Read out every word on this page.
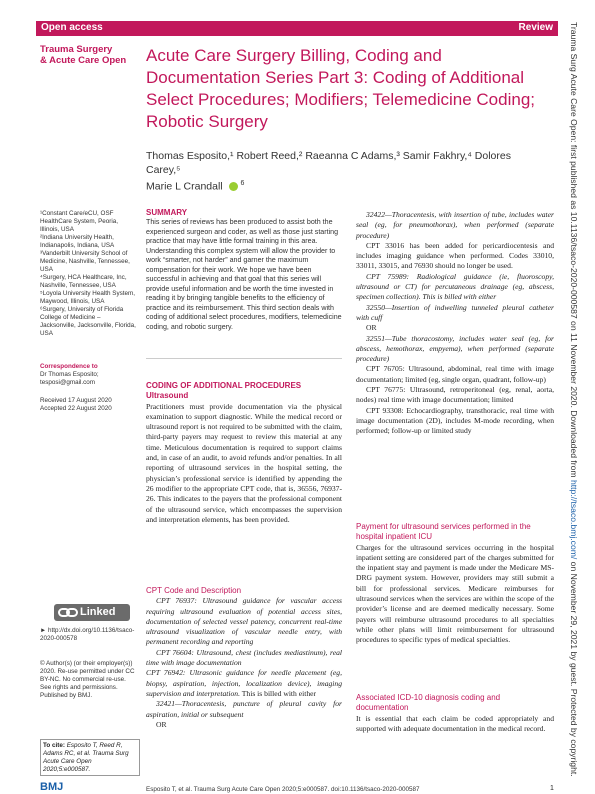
Open access	Review
Trauma Surgery
& Acute Care Open	Acute Care Surgery Billing, Coding and Documentation Series Part 3: Coding of Additional Select Procedures; Modifiers; Telemedicine Coding; Robotic Surgery
Thomas Esposito,¹ Robert Reed,² Raeanna C Adams,³ Samir Fakhry,⁴ Dolores Carey,⁵
Marie L Crandall	$^6$
¹Constant Care/eCU, OSF HealthCare System, Peoria, Illinois, USA
²Indiana University Health, Indianapolis, Indiana, USA
³Vanderbilt University School of Medicine, Nashville, Tennessee, USA
⁴Surgery, HCA Healthcare, Inc, Nashville, Tennessee, USA
⁵Loyola University Health System, Maywood, Illinois, USA
⁶Surgery, University of Florida College of Medicine – Jacksonville, Jacksonville, Florida, USA
Correspondence to
Dr Thomas Esposito; tesposi@gmail.com
Received 17 August 2020
Accepted 22 August 2020
Linked
► http://dx.doi.org/10.1136/tsaco-2020-000578
© Author(s) (or their employer(s)) 2020. Re-use permitted under CC BY-NC. No commercial re-use. See rights and permissions. Published by BMJ.
To cite: Esposito T, Reed R, Adams RC, et al. Trauma Surg Acute Care Open 2020;5:e000587.
BMJ
SUMMARY

This series of reviews has been produced to assist both the experienced surgeon and coder, as well as those just starting practice that may have little formal training in this area. Understanding this complex system will allow the provider to work “smarter, not harder” and garner the maximum compensation for their work. We hope we have been successful in achieving and that goal that this series will provide useful information and be worth the time invested in reading it by bringing tangible benefits to the efficiency of practice and its reimbursement. This third section deals with coding of additional select procedures, modifiers, telemedicine coding, and robotic surgery.

CODING OF ADDITIONAL PROCEDURES
Ultrasound

Practitioners must provide documentation via the physical examination to support diagnostic. While the medical record or ultrasound report is not required to be submitted with the claim, third-party payers may request to review this material at any time. Meticulous documentation is required to support claims and, in case of an audit, to avoid refunds and/or penalties. In all reporting of ultrasound services in the hospital setting, the physician’s professional service is identified by appending the 26 modifier to the appropriate CPT code, that is, 36556, 76937-26. This indicates to the payers that the professional component of the ultrasound service, which encompasses the supervision and interpretation elements, has been provided.

CPT Code and Description

CPT 76937: Ultrasound guidance for vascular access requiring ultrasound evaluation of potential access sites, documentation of selected vessel patency, concurrent real-time ultrasound visualization of vascular needle entry, with permanent recording and reporting

CPT 76604: Ultrasound, chest (includes mediastinum), real time with image documentation

CPT 76942: Ultrasonic guidance for needle placement (eg, biopsy, aspiration, injection, localization device), imaging supervision and interpretation. This is billed with either

32421—Thoracentesis, puncture of pleural cavity for aspiration, initial or subsequent

OR

32422—Thoracentesis, with insertion of tube, includes water seal (eg, for pneumothorax), when performed (separate procedure)

CPT 33016 has been added for pericardiocentesis and includes imaging guidance when performed. Codes 33010, 33011, 33015, and 76930 should no longer be used.

CPT 75989: Radiological guidance (ie, fluoroscopy, ultrasound or CT) for percutaneous drainage (eg, abscess, specimen collection). This is billed with either

32550—Insertion of indwelling tunneled pleural catheter with cuff

OR

32551—Tube thoracostomy, includes water seal (eg, for abscess, hemothorax, empyema), when performed (separate procedure)

CPT 76705: Ultrasound, abdominal, real time with image documentation; limited (eg, single organ, quadrant, follow-up)

CPT 76775: Ultrasound, retroperitoneal (eg, renal, aorta, nodes) real time with image documentation; limited

CPT 93308: Echocardiography, transthoracic, real time with image documentation (2D), includes M-mode recording, when performed; follow-up or limited study

Payment for ultrasound services performed in the hospital inpatient ICU

Charges for the ultrasound services occurring in the hospital inpatient setting are considered part of the charges submitted for the inpatient stay and payment is made under the Medicare MS-DRG payment system. However, providers may still submit a bill for professional services. Medicare reimburses for ultrasound services when the services are within the scope of the provider’s license and are deemed medically necessary. Some payers will reimburse ultrasound procedures to all specialties while other plans will limit reimbursement for ultrasound procedures to specific types of medical specialties.

Associated ICD-10 diagnosis coding and documentation

It is essential that each claim be coded appropriately and supported with adequate documentation in the medical record.

Esposito T, et al. Trauma Surg Acute Care Open 2020;5:e000587. doi:10.1136/tsaco-2020-000587	1
Trauma Surg Acute Care Open: first published as 10.1136/tsaco-2020-000587 on 11 November 2020. Downloaded from http://tsaco.bmj.com/ on November 29, 2021 by guest. Protected by copyright.
